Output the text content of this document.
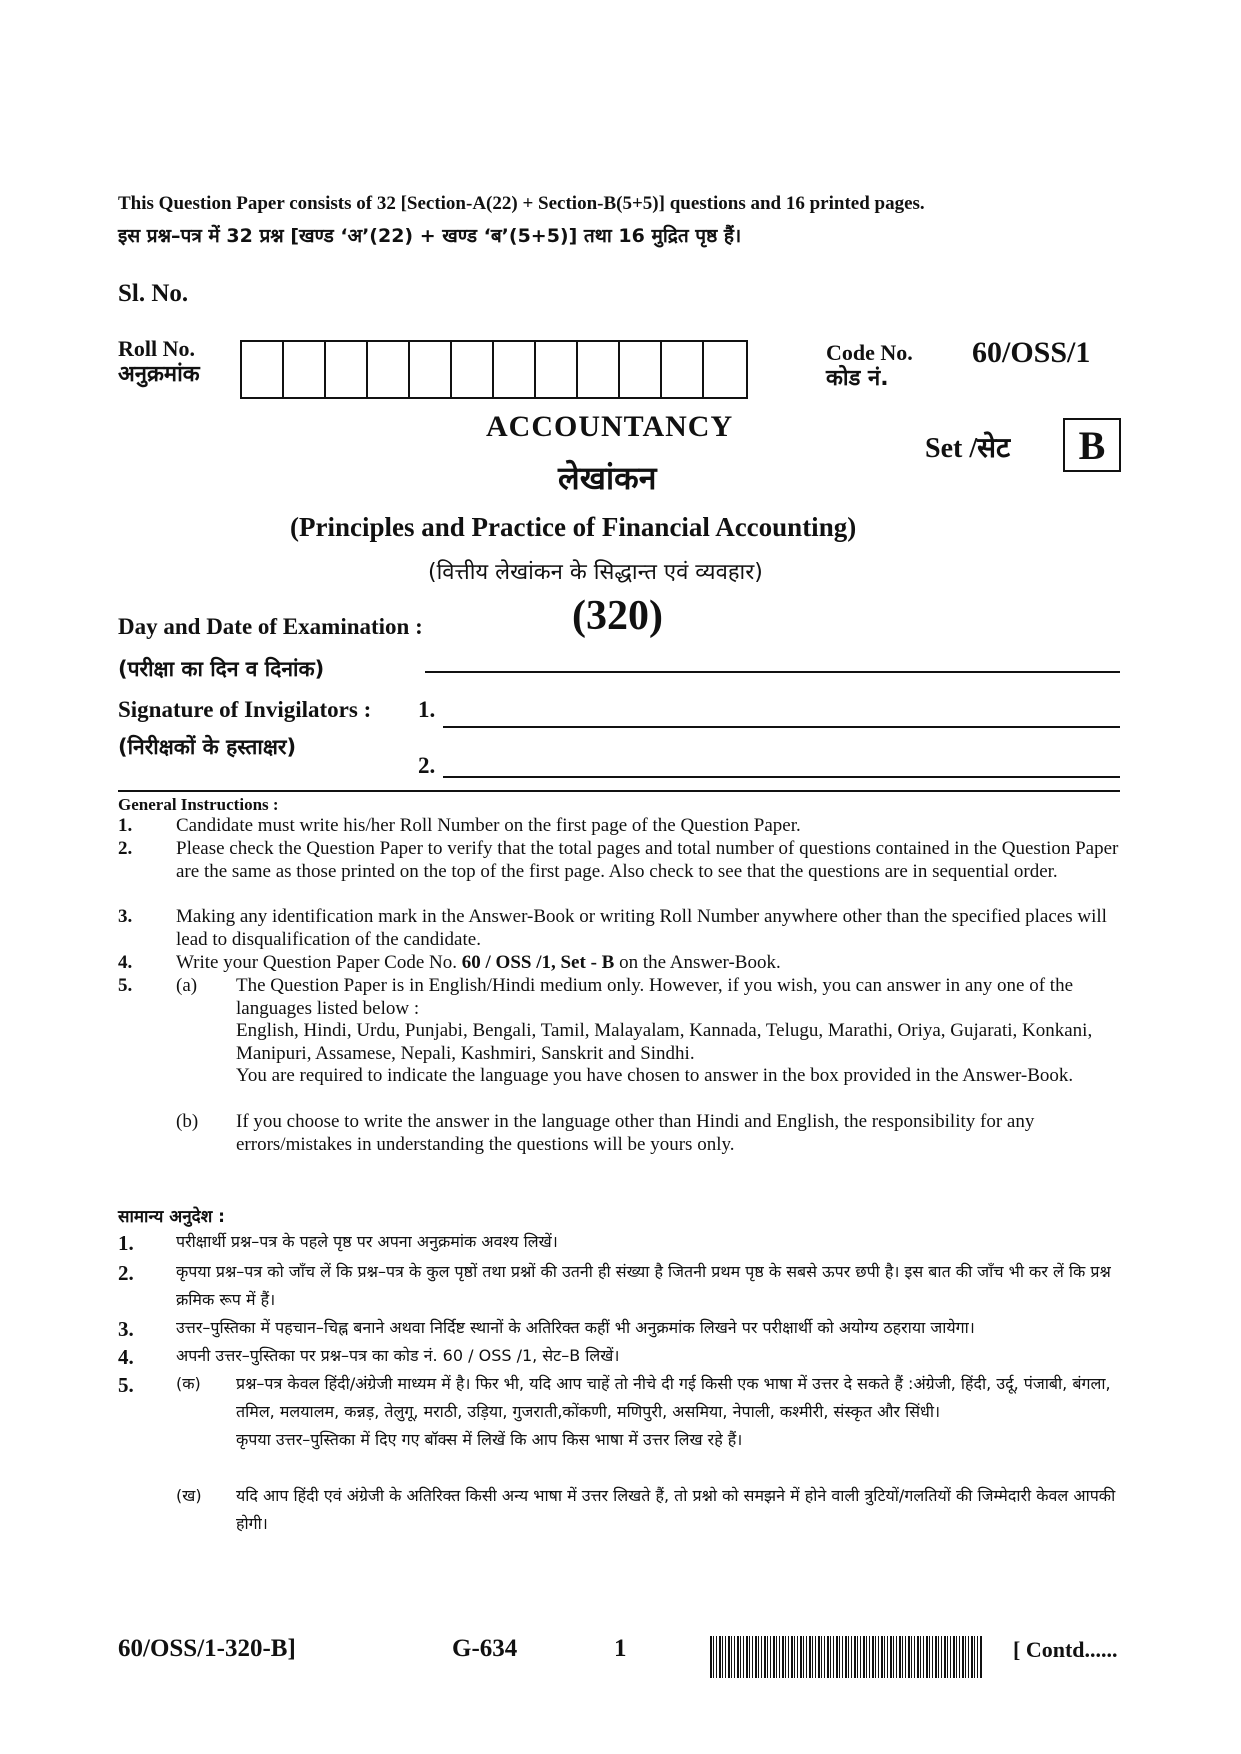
This Question Paper consists of 32 [Section-A(22) + Section-B(5+5)] questions and 16 printed pages.
इस प्रश्न–पत्र में 32 प्रश्न [खण्ड ‘अ’(22) + खण्ड ‘ब’(5+5)] तथा 16 मुद्रित पृष्ठ हैं।
Sl. No.
Roll No.
अनुक्रमांक
Code No.
कोड नं.
60/OSS/1
ACCOUNTANCY
लेखांकन
Set /सेट	B
(Principles and Practice of Financial Accounting)
(वित्तीय लेखांकन के सिद्धान्त एवं व्यवहार)
(320)
Day and Date of Examination :
(परीक्षा का दिन व दिनांक)
Signature of Invigilators :
(निरीक्षकों के हस्ताक्षर)
1.
2.
General Instructions :
1. Candidate must write his/her Roll Number on the first page of the Question Paper.
2. Please check the Question Paper to verify that the total pages and total number of questions contained in the Question Paper are the same as those printed on the top of the first page. Also check to see that the questions are in sequential order.
3. Making any identification mark in the Answer-Book or writing Roll Number anywhere other than the specified places will lead to disqualification of the candidate.
4. Write your Question Paper Code No. 60 / OSS /1, Set - B on the Answer-Book.
5. (a) The Question Paper is in English/Hindi medium only. However, if you wish, you can answer in any one of the languages listed below :
English, Hindi, Urdu, Punjabi, Bengali, Tamil, Malayalam, Kannada, Telugu, Marathi, Oriya, Gujarati, Konkani, Manipuri, Assamese, Nepali, Kashmiri, Sanskrit and Sindhi.
You are required to indicate the language you have chosen to answer in the box provided in the Answer-Book.
(b) If you choose to write the answer in the language other than Hindi and English, the responsibility for any errors/mistakes in understanding the questions will be yours only.
सामान्य अनुदेश :
1.	परीक्षार्थी प्रश्न–पत्र के पहले पृष्ठ पर अपना अनुक्रमांक अवश्य लिखें।
2.	कृपया प्रश्न–पत्र को जाँच लें कि प्रश्न–पत्र के कुल पृष्ठों तथा प्रश्नों की उतनी ही संख्या है जितनी प्रथम पृष्ठ के सबसे ऊपर छपी है। इस बात की जाँच भी कर लें कि प्रश्न क्रमिक रूप में हैं।
3.	उत्तर–पुस्तिका में पहचान–चिह्न बनाने अथवा निर्दिष्ट स्थानों के अतिरिक्त कहीं भी अनुक्रमांक लिखने पर परीक्षार्थी को अयोग्य ठहराया जायेगा।
4.	अपनी उत्तर–पुस्तिका पर प्रश्न–पत्र का कोड नं. 60 / OSS /1, सेट–B लिखें।
5.	(क) प्रश्न–पत्र केवल हिंदी/अंग्रेजी माध्यम में है। फिर भी, यदि आप चाहें तो नीचे दी गई किसी एक भाषा में उत्तर दे सकते हैं :अंग्रेजी, हिंदी, उर्दू, पंजाबी, बंगला, तमिल, मलयालम, कन्नड़, तेलुगू, मराठी, उड़िया, गुजराती,कोंकणी, मणिपुरी, असमिया, नेपाली, कश्मीरी, संस्कृत और सिंधी।
कृपया उत्तर–पुस्तिका में दिए गए बॉक्स में लिखें कि आप किस भाषा में उत्तर लिख रहे हैं।
(ख) यदि आप हिंदी एवं अंग्रेजी के अतिरिक्त किसी अन्य भाषा में उत्तर लिखते हैं, तो प्रश्नो को समझने में होने वाली त्रुटियों/गलतियों की जिम्मेदारी केवल आपकी होगी।
60/OSS/1-320-B]	G-634	1	[ Contd......
